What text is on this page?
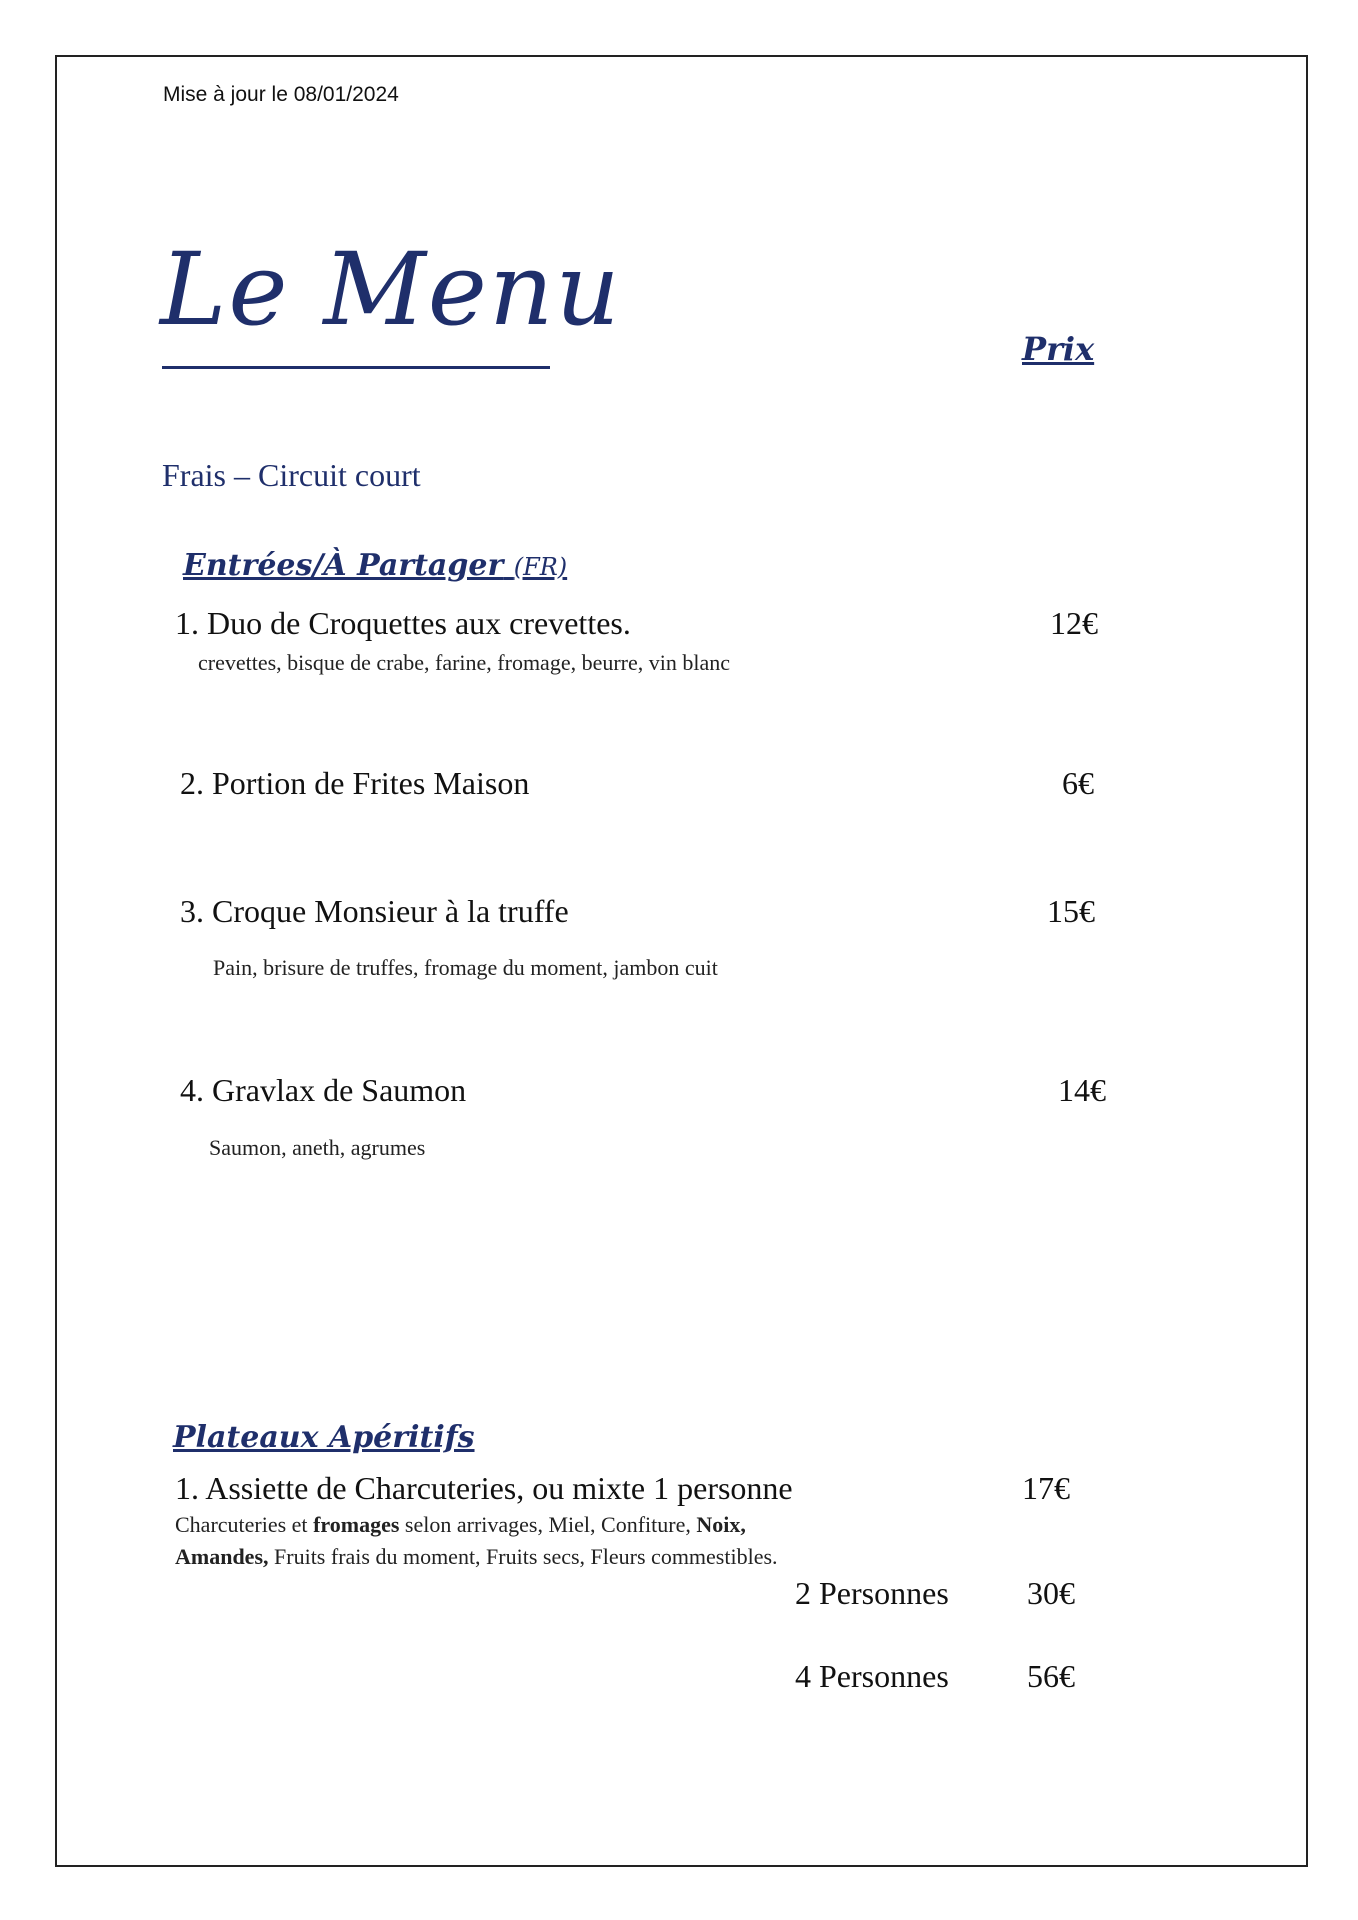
Mise à jour le 08/01/2024
Le Menu
Prix
Frais – Circuit court
Entrées/À Partager (FR)
1. Duo de Croquettes aux crevettes.	12€
crevettes, bisque de crabe, farine, fromage, beurre, vin blanc
2. Portion de Frites Maison	6€
3. Croque Monsieur à la truffe	15€
Pain, brisure de truffes, fromage du moment, jambon cuit
4. Gravlax de Saumon	14€
Saumon, aneth, agrumes
Plateaux Apéritifs
1. Assiette de Charcuteries, ou mixte 1 personne	17€
Charcuteries et fromages selon arrivages, Miel, Confiture, Noix,
Amandes, Fruits frais du moment, Fruits secs, Fleurs commestibles.
2 Personnes 30€
4 Personnes 56€
